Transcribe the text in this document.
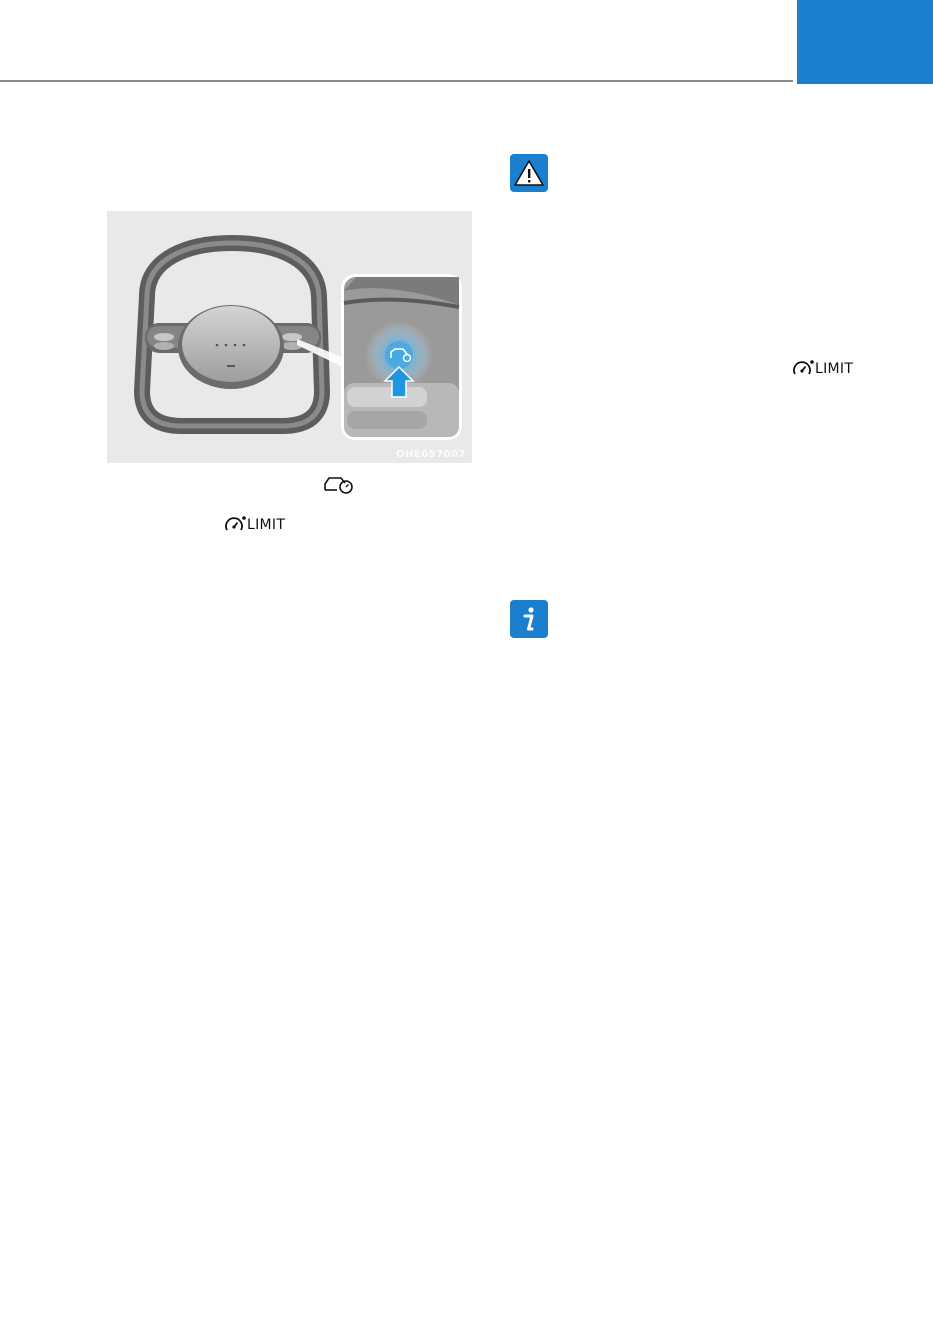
OHE057007
LIMIT
LIMIT
